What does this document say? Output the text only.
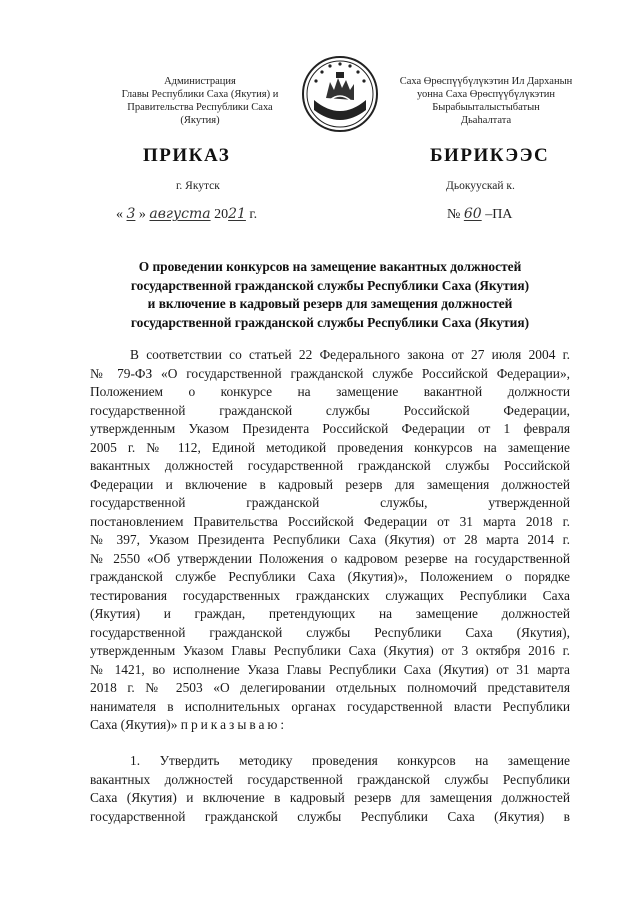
Администрация
Главы Республики Саха (Якутия) и
Правительства Республики Саха
(Якутия)
Саха Өрөспүүбүлүкэтин Ил Дарханын
уонна Саха Өрөспүүбүлүкэтин
Бырабыыталыстыбатын
Дьаһалтата
ПРИКАЗ	БИРИКЭЭС
г. Якутск	Дьокуускай к.
« 3 » августа 2021 г.	№ 60 –ПА
О проведении конкурсов на замещение вакантных должностей
государственной гражданской службы Республики Саха (Якутия)
и включение в кадровый резерв для замещения должностей
государственной гражданской службы Республики Саха (Якутия)
В соответствии со статьей 22 Федерального закона от 27 июля 2004 г.
№ 79-ФЗ «О государственной гражданской службе Российской Федерации»,
Положением о конкурсе на замещение вакантной должности
государственной гражданской службы Российской Федерации,
утвержденным Указом Президента Российской Федерации от 1 февраля
2005 г. № 112, Единой методикой проведения конкурсов на замещение
вакантных должностей государственной гражданской службы Российской
Федерации и включение в кадровый резерв для замещения должностей
государственной гражданской службы, утвержденной
постановлением Правительства Российской Федерации от 31 марта 2018 г.
№ 397, Указом Президента Республики Саха (Якутия) от 28 марта 2014 г.
№ 2550 «Об утверждении Положения о кадровом резерве на государственной
гражданской службе Республики Саха (Якутия)», Положением о порядке
тестирования государственных гражданских служащих Республики Саха
(Якутия) и граждан, претендующих на замещение должностей
государственной гражданской службы Республики Саха (Якутия),
утвержденным Указом Главы Республики Саха (Якутия) от 3 октября 2016 г.
№ 1421, во исполнение Указа Главы Республики Саха (Якутия) от 31 марта
2018 г. № 2503 «О делегировании отдельных полномочий представителя
нанимателя в исполнительных органах государственной власти Республики
Саха (Якутия)» приказываю:
1. Утвердить методику проведения конкурсов на замещение
вакантных должностей государственной гражданской службы Республики
Саха (Якутия) и включение в кадровый резерв для замещения должностей
государственной гражданской службы Республики Саха (Якутия) в
